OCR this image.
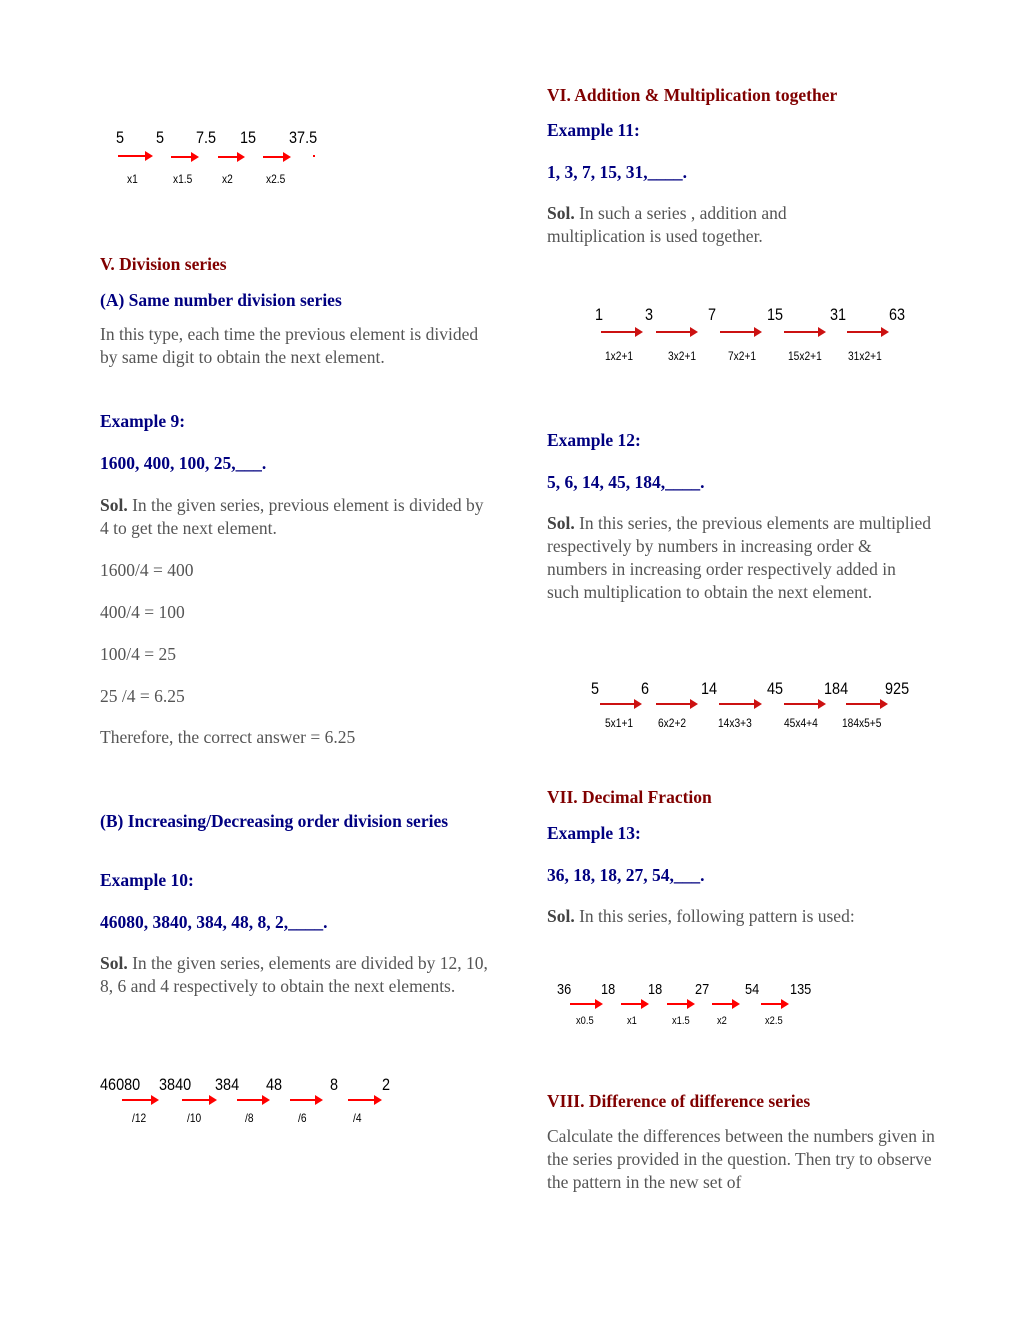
5 5 7.5 15 37.5
x1	x1.5 x2	x2.5
V. Division series
(A) Same number division series
In this type, each time the previous element is divided by same digit to obtain the next element.
Example 9:
1600, 400, 100, 25,___.
Sol. In the given series, previous element is divided by 4 to get the next element.
1600/4 = 400
400/4 = 100
100/4 = 25
25 /4 = 6.25
Therefore, the correct answer = 6.25
(B) Increasing/Decreasing order division series
Example 10:
46080, 3840, 384, 48, 8, 2,____.
Sol. In the given series, elements are divided by 12, 10, 8, 6 and 4 respectively to obtain the next elements.
46080 3840 384 48	8	2
/12	/10	/8	/6	/4
VI. Addition & Multiplication together
Example 11:
1, 3, 7, 15, 31,____.
Sol. In such a series , addition and multiplication is used together.
1 3	7	15	31	63
1x2+1	3x2+1	7x2+1	15x2+1 31x2+1
Example 12:
5, 6, 14, 45, 184,____.
Sol. In this series, the previous elements are multiplied respectively by numbers in increasing order & numbers in increasing order respectively added in such multiplication to obtain the next element.
5 6	14	45 184 925
5x1+1 6x2+2	14x3+3	45x4+4 184x5+5
VII. Decimal Fraction
Example 13:
36, 18, 18, 27, 54,___.
Sol. In this series, following pattern is used:
36 18 18 27 54 135
x0.5	x1	x1.5 x2	x2.5
VIII. Difference of difference series
Calculate the differences between the numbers given in the series provided in the question. Then try to observe the pattern in the new set of
